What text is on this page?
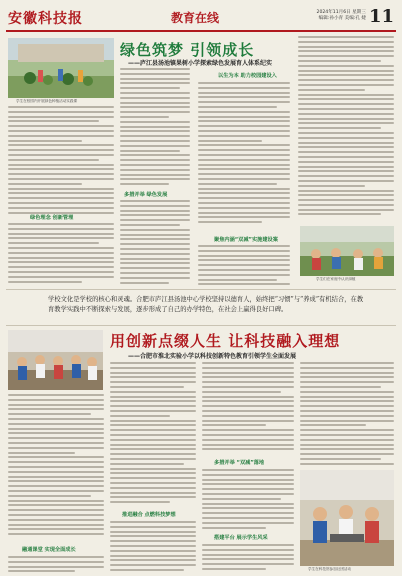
安徽科技报	教育在线	2024年11月6日 星期三
编辑:孙小青 美编:孔 婕 11
绿色筑梦 引领成长
——庐江县汤池镇果树小学探索绿色发展育人体系纪实
学生在校园内开展绿色种植活动实践课
绿色理念 创新管理
多措并举 绿色发展
以生为本 助力校园建设入
聚焦内涵“双减”实施建设案
学生们在家庭中认识绿植
学校文化是学校的核心和灵魂。合肥市庐江县汤池中心学校坚持以德育人，始终把“习惯”与“养成”有机结合，在教育教学实践中不断探索与发展，逐步形成了自己的办学特色，在社会上赢得良好口碑。
用创新点缀人生 让科技融入理想
——合肥市淮北实验小学以科技创新特色教育引领学生全面发展
融通课堂 实现全面成长
推进融合 点燃科技梦想
多措并举 “双减”落地
搭建平台 展示学生风采
学生在科技馆参加社团活动
